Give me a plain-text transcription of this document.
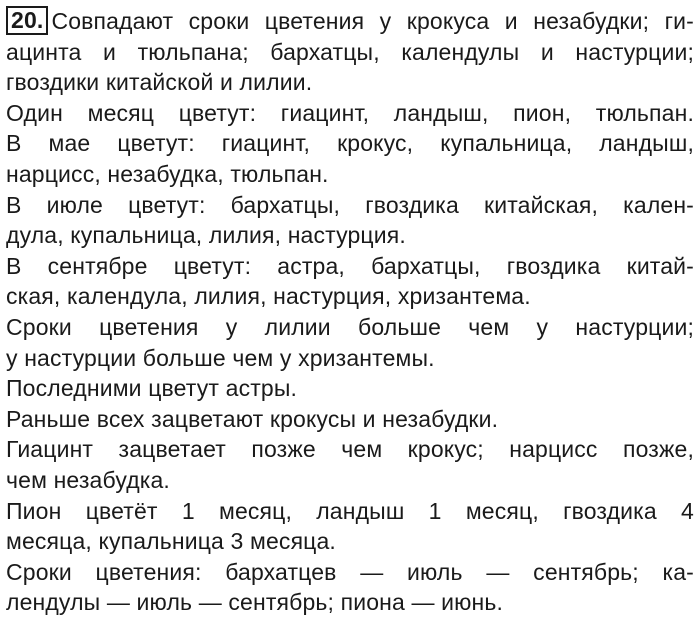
20. Совпадают сроки цветения у крокуса и незабудки; ги-
ацинта и тюльпана; бархатцы, календулы и настурции;
гвоздики китайской и лилии.
Один месяц цветут: гиацинт, ландыш, пион, тюльпан.
В мае цветут: гиацинт, крокус, купальница, ландыш,
нарцисс, незабудка, тюльпан.
В июле цветут: бархатцы, гвоздика китайская, кален-
дула, купальница, лилия, настурция.
В сентябре цветут: астра, бархатцы, гвоздика китай-
ская, календула, лилия, настурция, хризантема.
Сроки цветения у лилии больше чем у настурции;
у настурции больше чем у хризантемы.
Последними цветут астры.
Раньше всех зацветают крокусы и незабудки.
Гиацинт зацветает позже чем крокус; нарцисс позже,
чем незабудка.
Пион цветёт 1 месяц, ландыш 1 месяц, гвоздика 4
месяца, купальница 3 месяца.
Сроки цветения: бархатцев — июль — сентябрь; ка-
лендулы — июль — сентябрь; пиона — июнь.
